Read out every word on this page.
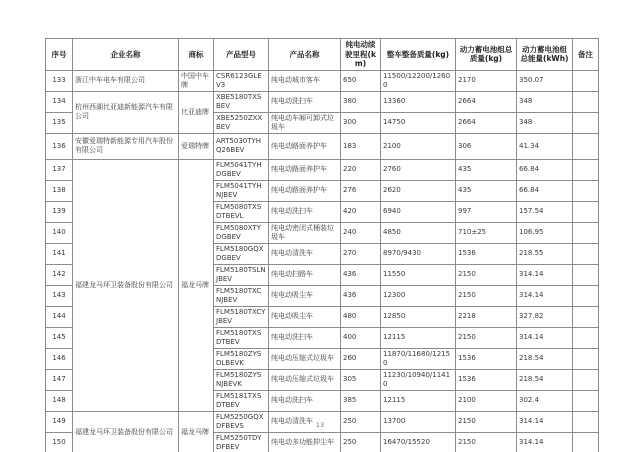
序号	企业名称	商标	产品型号	产品名称	纯电动续驶里程(km)	整车整备质量(kg)	动力蓄电池组总质量(kg)	动力蓄电池组总能量(kWh)	备注
133	浙江中车电车有限公司	中国中车牌	CSR6123GLEV3	纯电动城市客车	650	11500/12200/12600	2170	350.07	
134	杭州西湖比亚迪新能源汽车有限公司	比亚迪牌	XBE5180TXSBEV	纯电动洗扫车	380	13360	2664	348	
135			XBE5250ZXXBEV	纯电动车厢可卸式垃圾车	300	14750	2664	348	
136	安徽爱瑞特新能源专用汽车股份有限公司	爱瑞特牌	ART5030TYHQ26BEV	纯电动路面养护车	183	2100	306	41.34	
137	福建龙马环卫装备股份有限公司	福龙马牌	FLM5041TYHDGBEV	纯电动路面养护车	220	2760	435	66.84	
138			FLM5041TYHNJBEV	纯电动路面养护车	276	2620	435	66.84	
139			FLM5080TXSDTBEVL	纯电动洗扫车	420	6940	997	157.54	
140			FLM5080XTYDGBEV	纯电动密闭式桶装垃圾车	240	4850	710±25	106.95	
141			FLM5180GQXDGBEV	纯电动清洗车	270	8970/9430	1536	218.55	
142			FLM5180TSLNJBEV	纯电动扫路车	436	11550	2150	314.14	
143			FLM5180TXCNJBEV	纯电动吸尘车	436	12300	2150	314.14	
144			FLM5180TXCYJBEV	纯电动吸尘车	480	12850	2218	327.82	
145			FLM5180TXSDTBEV	纯电动洗扫车	400	12115	2150	314.14	
146			FLM5180ZYSDLBEVK	纯电动压缩式垃圾车	260	11870/11680/12150	1536	218.54	
147			FLM5180ZYSNJBEVK	纯电动压缩式垃圾车	305	11230/10940/11410	1536	218.54	
148			FLM5181TXSDTBEV	纯电动洗扫车	385	12115	2100	302.4	
149	福建龙马环卫装备股份有限公司	福龙马牌	FLM5250GQXDFBEVS	纯电动清洗车	250	13700	2150	314.14	
150			FLM5250TDYDFBEV	纯电动多功能抑尘车	250	16470/15520	2150	314.14	
13
